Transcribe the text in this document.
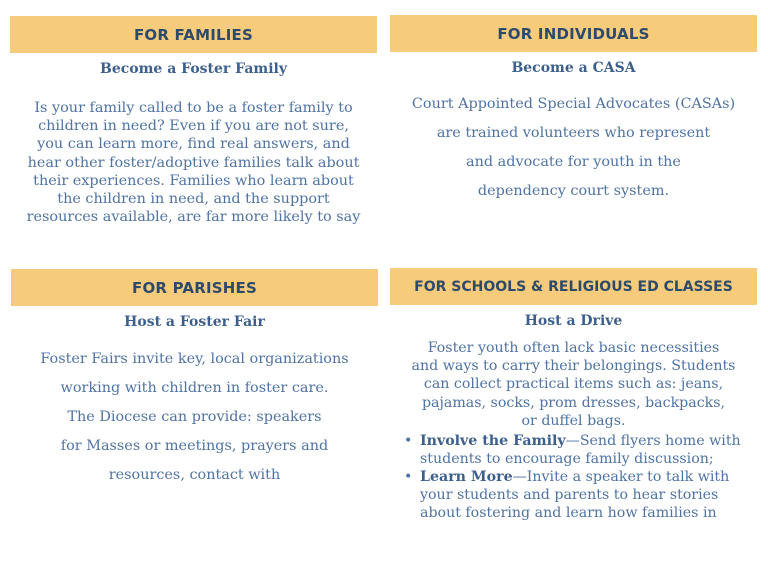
FOR FAMILIES
Become a Foster Family

Is your family called to be a foster family to

children in need? Even if you are not sure,

you can learn more, find real answers, and

hear other foster/adoptive families talk about

their experiences. Families who learn about

the children in need, and the support

resources available, are far more likely to say

FOR INDIVIDUALS
Become a CASA

Court Appointed Special Advocates (CASAs)

are trained volunteers who represent

and advocate for youth in the

dependency court system.

FOR PARISHES
Host a Foster Fair

Foster Fairs invite key, local organizations

working with children in foster care.

The Diocese can provide: speakers

for Masses or meetings, prayers and

resources, contact with

FOR SCHOOLS & RELIGIOUS ED CLASSES
Host a Drive

Foster youth often lack basic necessities

and ways to carry their belongings. Students

can collect practical items such as: jeans,

pajamas, socks, prom dresses, backpacks,

or duffel bags.

• Involve the Family—Send flyers home with students to encourage family discussion;
• Learn More—Invite a speaker to talk with your students and parents to hear stories about fostering and learn how families in
